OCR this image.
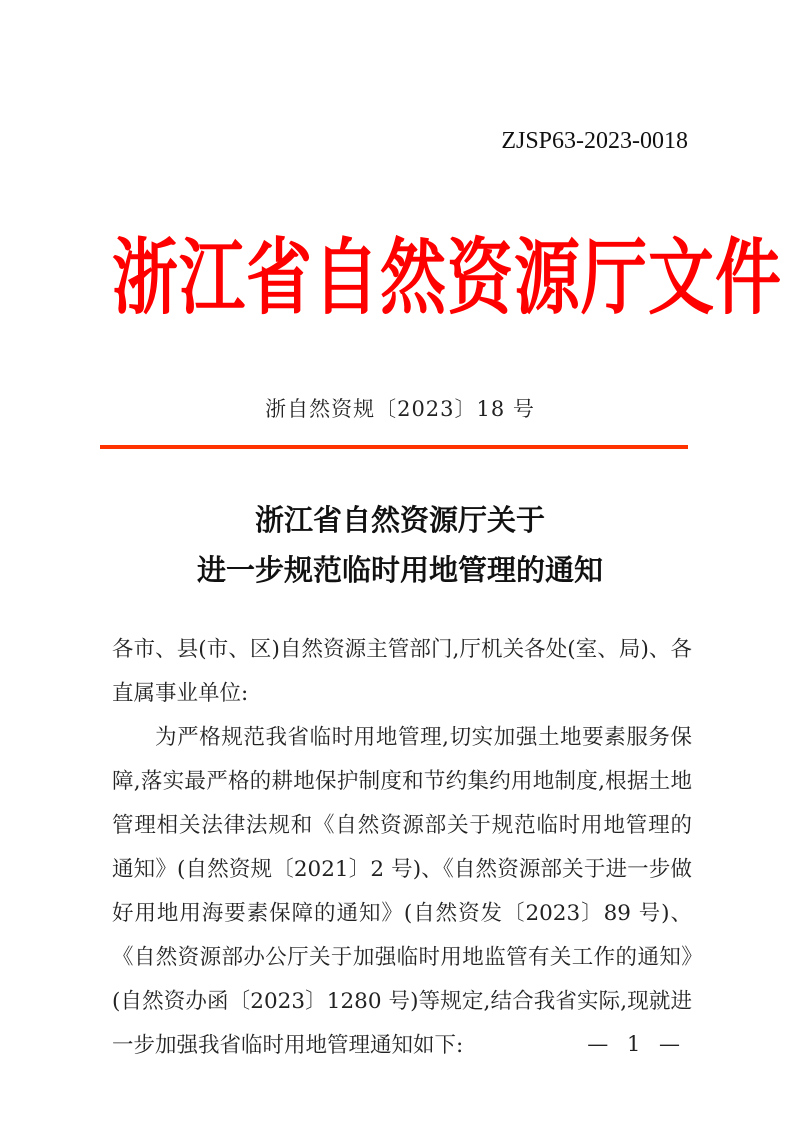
ZJSP63-2023-0018
浙江省自然资源厅文件
浙自然资规〔2023〕18 号
浙江省自然资源厅关于
进一步规范临时用地管理的通知

各市、县(市、区)自然资源主管部门,厅机关各处(室、局)、各直属事业单位:

为严格规范我省临时用地管理,切实加强土地要素服务保障,落实最严格的耕地保护制度和节约集约用地制度,根据土地管理相关法律法规和《自然资源部关于规范临时用地管理的通知》(自然资规〔2021〕2 号)、《自然资源部关于进一步做好用地用海要素保障的通知》(自然资发〔2023〕89 号)、《自然资源部办公厅关于加强临时用地监管有关工作的通知》(自然资办函〔2023〕1280 号)等规定,结合我省实际,现就进一步加强我省临时用地管理通知如下:	— 1 —
